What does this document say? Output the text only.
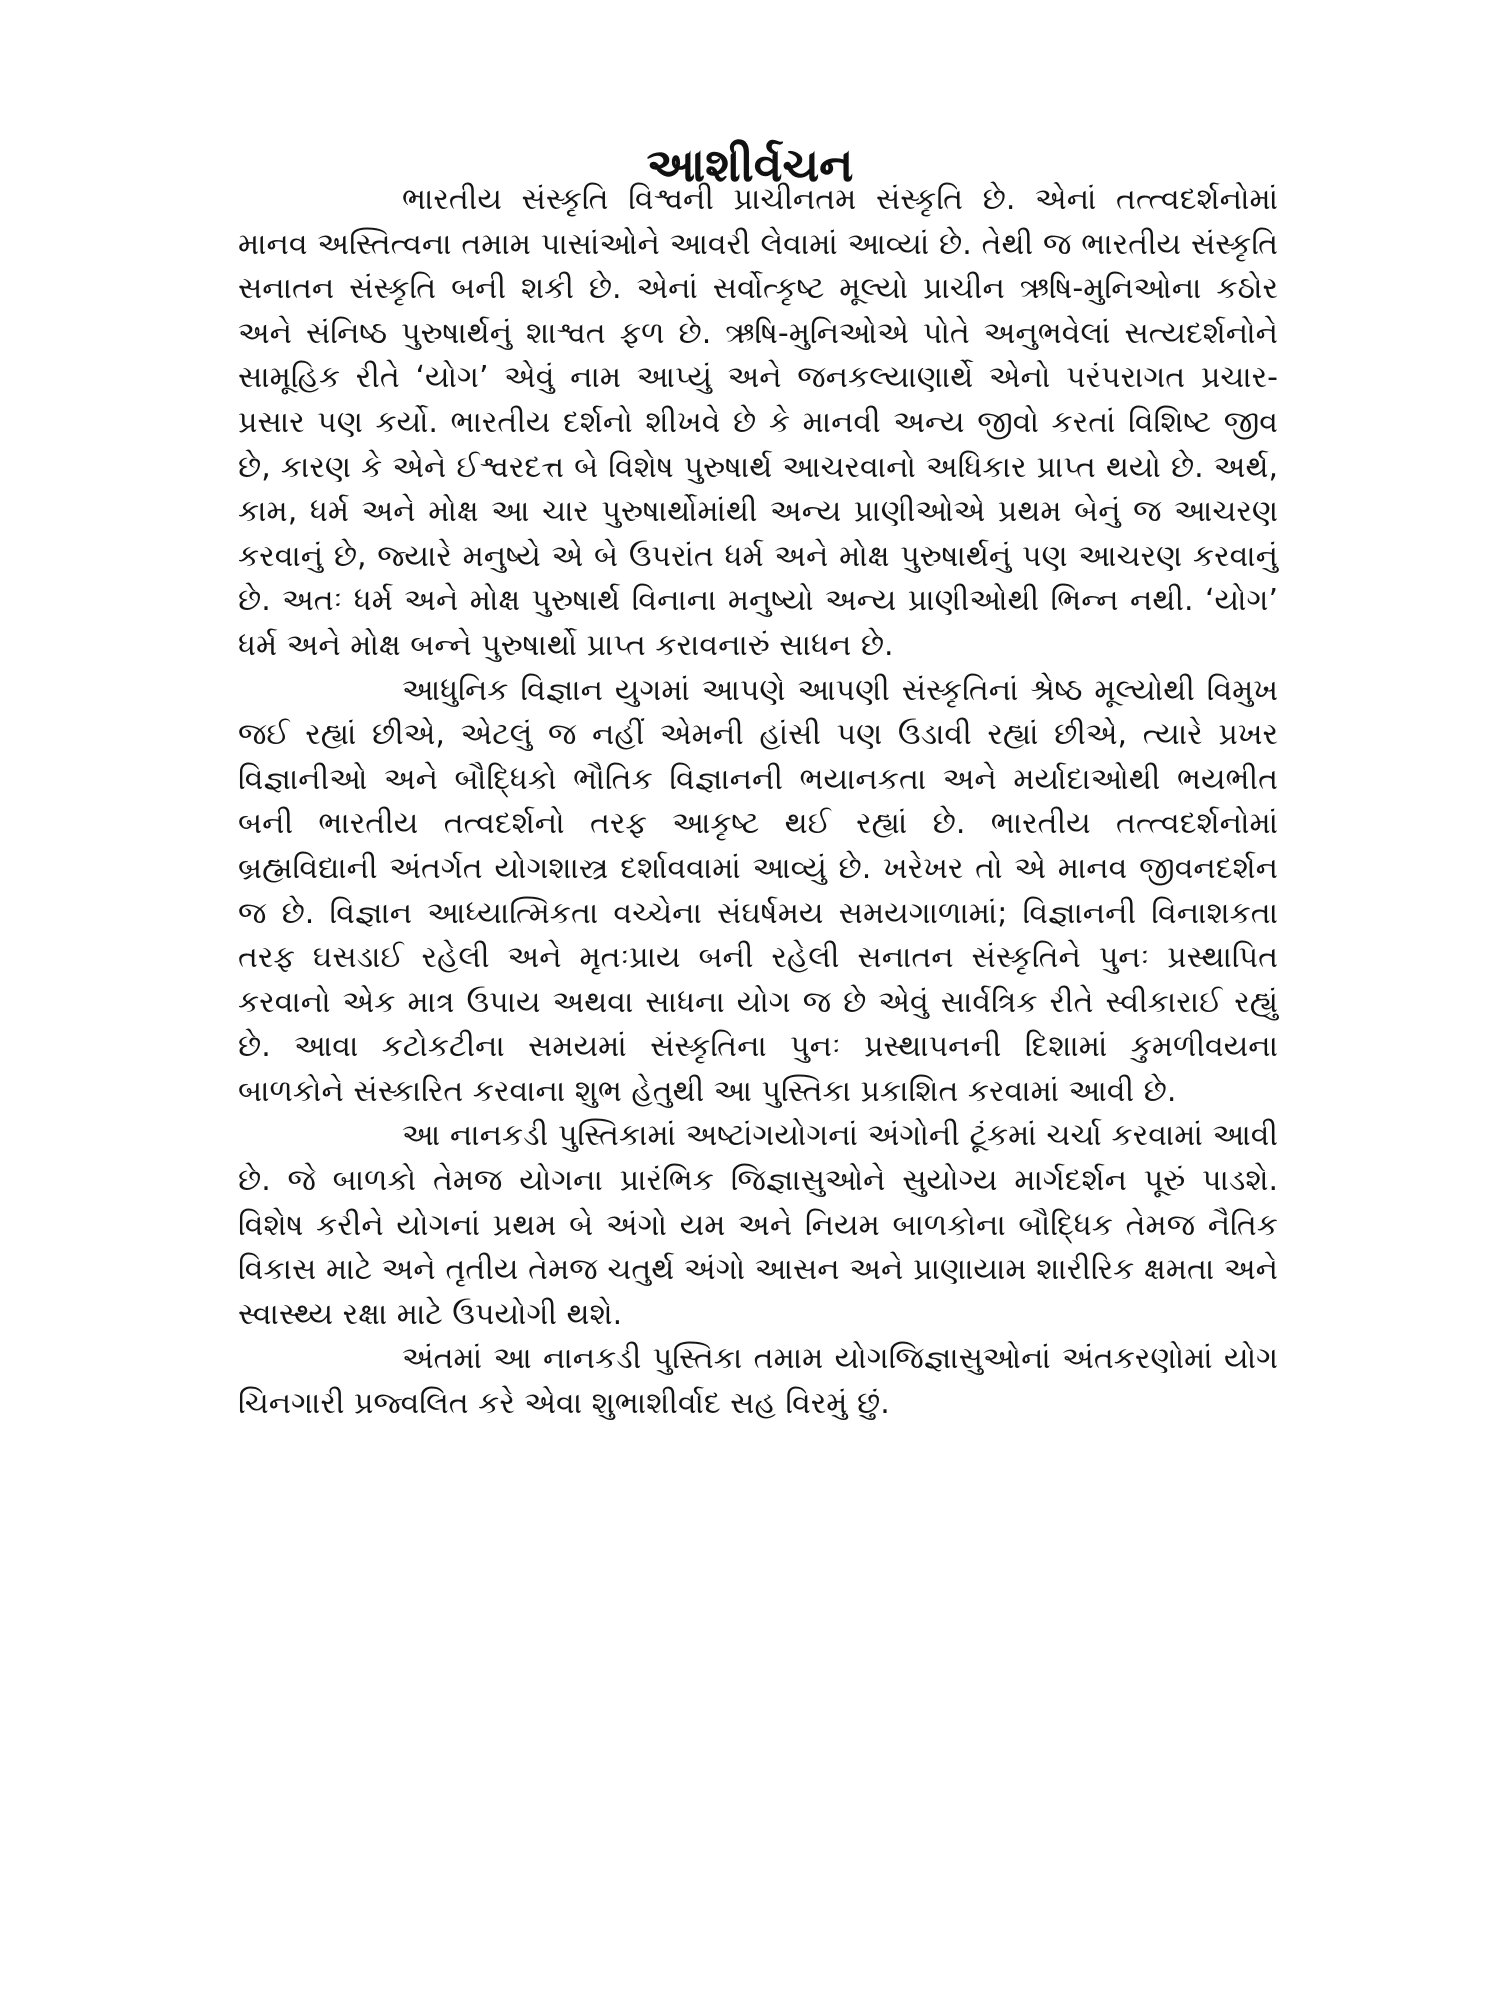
આશીર્વચન

ભારતીય સંસ્કૃતિ વિશ્વની પ્રાચીનતમ સંસ્કૃતિ છે. એનાં તત્ત્વદર્શનોમાં માનવ અસ્તિત્વના તમામ પાસાંઓને આવરી લેવામાં આવ્યાં છે. તેથી જ ભારતીય સંસ્કૃતિ સનાતન સંસ્કૃતિ બની શકી છે. એનાં સર્વોત્કૃષ્ટ મૂલ્યો પ્રાચીન ઋષિ-મુનિઓના કઠોર અને સંનિષ્ઠ પુરુષાર્થનું શાશ્વત ફળ છે. ઋષિ-મુનિઓએ પોતે અનુભવેલાં સત્યદર્શનોને સામૂહિક રીતે ‘યોગ’ એવું નામ આપ્યું અને જનકલ્યાણાર્થે એનો પરંપરાગત પ્રચાર-પ્રસાર પણ કર્યો. ભારતીય દર્શનો શીખવે છે કે માનવી અન્ય જીવો કરતાં વિશિષ્ટ જીવ છે, કારણ કે એને ઈશ્વરદત્ત બે વિશેષ પુરુષાર્થ આચરવાનો અધિકાર પ્રાપ્ત થયો છે. અર્થ, કામ, ધર્મ અને મોક્ષ આ ચાર પુરુષાર્થોમાંથી અન્ય પ્રાણીઓએ પ્રથમ બેનું જ આચરણ કરવાનું છે, જ્યારે મનુષ્યે એ બે ઉપરાંત ધર્મ અને મોક્ષ પુરુષાર્થનું પણ આચરણ કરવાનું છે. અતઃ ધર્મ અને મોક્ષ પુરુષાર્થ વિનાના મનુષ્યો અન્ય પ્રાણીઓથી ભિન્ન નથી. ‘યોગ’ ધર્મ અને મોક્ષ બન્ને પુરુષાર્થો પ્રાપ્ત કરાવનારું સાધન છે.

આધુનિક વિજ્ઞાન યુગમાં આપણે આપણી સંસ્કૃતિનાં શ્રેષ્ઠ મૂલ્યોથી વિમુખ જઈ રહ્યાં છીએ, એટલું જ નહીં એમની હાંસી પણ ઉડાવી રહ્યાં છીએ, ત્યારે પ્રખર વિજ્ઞાનીઓ અને બૌદ્ધિકો ભૌતિક વિજ્ઞાનની ભયાનકતા અને મર્યાદાઓથી ભયભીત બની ભારતીય તત્વદર્શનો તરફ આકૃષ્ટ થઈ રહ્યાં છે. ભારતીય તત્ત્વદર્શનોમાં બ્રહ્મવિદ્યાની અંતર્ગત યોગશાસ્ત્ર દર્શાવવામાં આવ્યું છે. ખરેખર તો એ માનવ જીવનદર્શન જ છે. વિજ્ઞાન આધ્યાત્મિકતા વચ્ચેના સંઘર્ષમય સમયગાળામાં; વિજ્ઞાનની વિનાશકતા તરફ ઘસડાઈ રહેલી અને મૃતઃપ્રાય બની રહેલી સનાતન સંસ્કૃતિને પુનઃ પ્રસ્થાપિત કરવાનો એક માત્ર ઉપાય અથવા સાધના યોગ જ છે એવું સાર્વત્રિક રીતે સ્વીકારાઈ રહ્યું છે. આવા કટોકટીના સમયમાં સંસ્કૃતિના પુનઃ પ્રસ્થાપનની દિશામાં કુમળીવયના બાળકોને સંસ્કારિત કરવાના શુભ હેતુથી આ પુસ્તિકા પ્રકાશિત કરવામાં આવી છે.

આ નાનકડી પુસ્તિકામાં અષ્ટાંગયોગનાં અંગોની ટૂંકમાં ચર્ચા કરવામાં આવી છે. જે બાળકો તેમજ યોગના પ્રારંભિક જિજ્ઞાસુઓને સુયોગ્ય માર્ગદર્શન પૂરું પાડશે. વિશેષ કરીને યોગનાં પ્રથમ બે અંગો યમ અને નિયમ બાળકોના બૌદ્ધિક તેમજ નૈતિક વિકાસ માટે અને તૃતીય તેમજ ચતુર્થ અંગો આસન અને પ્રાણાયામ શારીરિક ક્ષમતા અને સ્વાસ્થ્ય રક્ષા માટે ઉપયોગી થશે.

અંતમાં આ નાનકડી પુસ્તિકા તમામ યોગજિજ્ઞાસુઓનાં અંતકરણોમાં યોગ ચિનગારી પ્રજ્વલિત કરે એવા શુભાશીર્વાદ સહ વિરમું છું.
